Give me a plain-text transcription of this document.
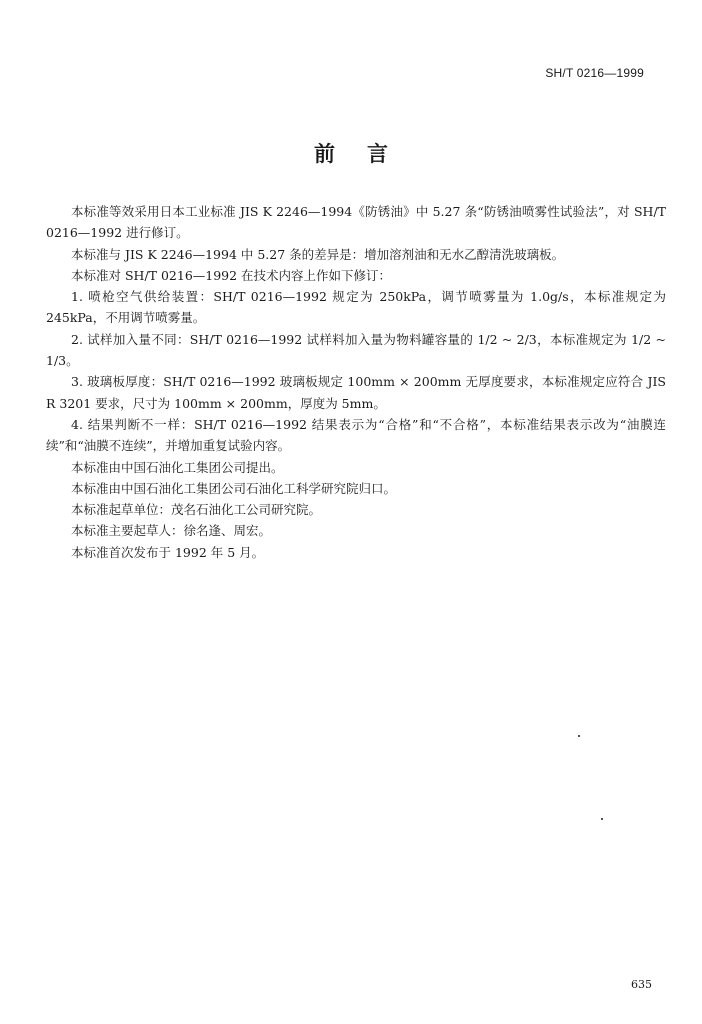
SH/T 0216—1999
前言

本标准等效采用日本工业标准 JIS K 2246—1994《防锈油》中 5.27 条“防锈油喷雾性试验法”，对 SH/T 0216—1992 进行修订。

本标准与 JIS K 2246—1994 中 5.27 条的差异是：增加溶剂油和无水乙醇清洗玻璃板。

本标准对 SH/T 0216—1992 在技术内容上作如下修订：

1. 喷枪空气供给装置：SH/T 0216—1992 规定为 250kPa，调节喷雾量为 1.0g/s，本标准规定为 245kPa，不用调节喷雾量。

2. 试样加入量不同：SH/T 0216—1992 试样料加入量为物料罐容量的 1/2 ~ 2/3，本标准规定为 1/2 ~ 1/3。

3. 玻璃板厚度：SH/T 0216—1992 玻璃板规定 100mm × 200mm 无厚度要求，本标准规定应符合 JIS R 3201 要求，尺寸为 100mm × 200mm，厚度为 5mm。

4. 结果判断不一样：SH/T 0216—1992 结果表示为“合格”和“不合格”，本标准结果表示改为“油膜连续”和“油膜不连续”，并增加重复试验内容。

本标准由中国石油化工集团公司提出。

本标准由中国石油化工集团公司石油化工科学研究院归口。

本标准起草单位：茂名石油化工公司研究院。

本标准主要起草人：徐名逢、周宏。

本标准首次发布于 1992 年 5 月。

635
